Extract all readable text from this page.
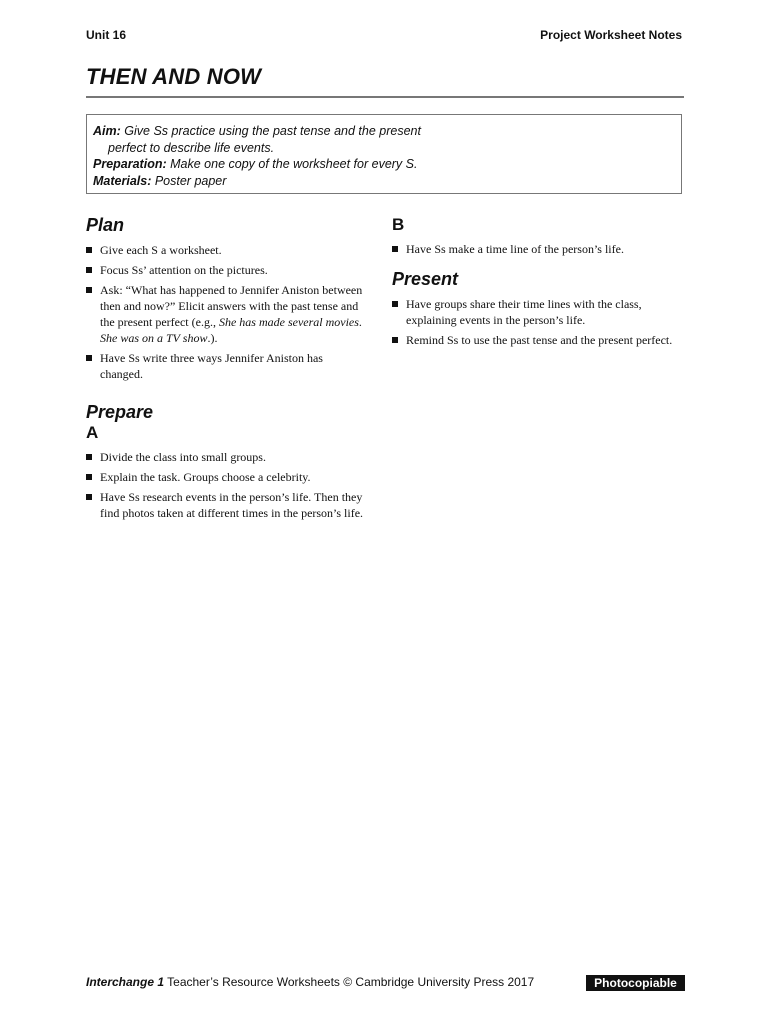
Unit 16	Project Worksheet Notes
THEN AND NOW
Aim: Give Ss practice using the past tense and the present
perfect to describe life events.
Preparation: Make one copy of the worksheet for every S.
Materials: Poster paper
Plan
Give each S a worksheet.
Focus Ss’ attention on the pictures.
Ask: “What has happened to Jennifer Aniston between then and now?” Elicit answers with the past tense and the present perfect (e.g., She has made several movies. She was on a TV show.).
Have Ss write three ways Jennifer Aniston has changed.
Prepare
A
Divide the class into small groups.
Explain the task. Groups choose a celebrity.
Have Ss research events in the person’s life. Then they find photos taken at different times in the person’s life.
B
Have Ss make a time line of the person’s life.
Present
Have groups share their time lines with the class, explaining events in the person’s life.
Remind Ss to use the past tense and the present perfect.
Interchange 1 Teacher’s Resource Worksheets © Cambridge University Press 2017	Photocopiable
